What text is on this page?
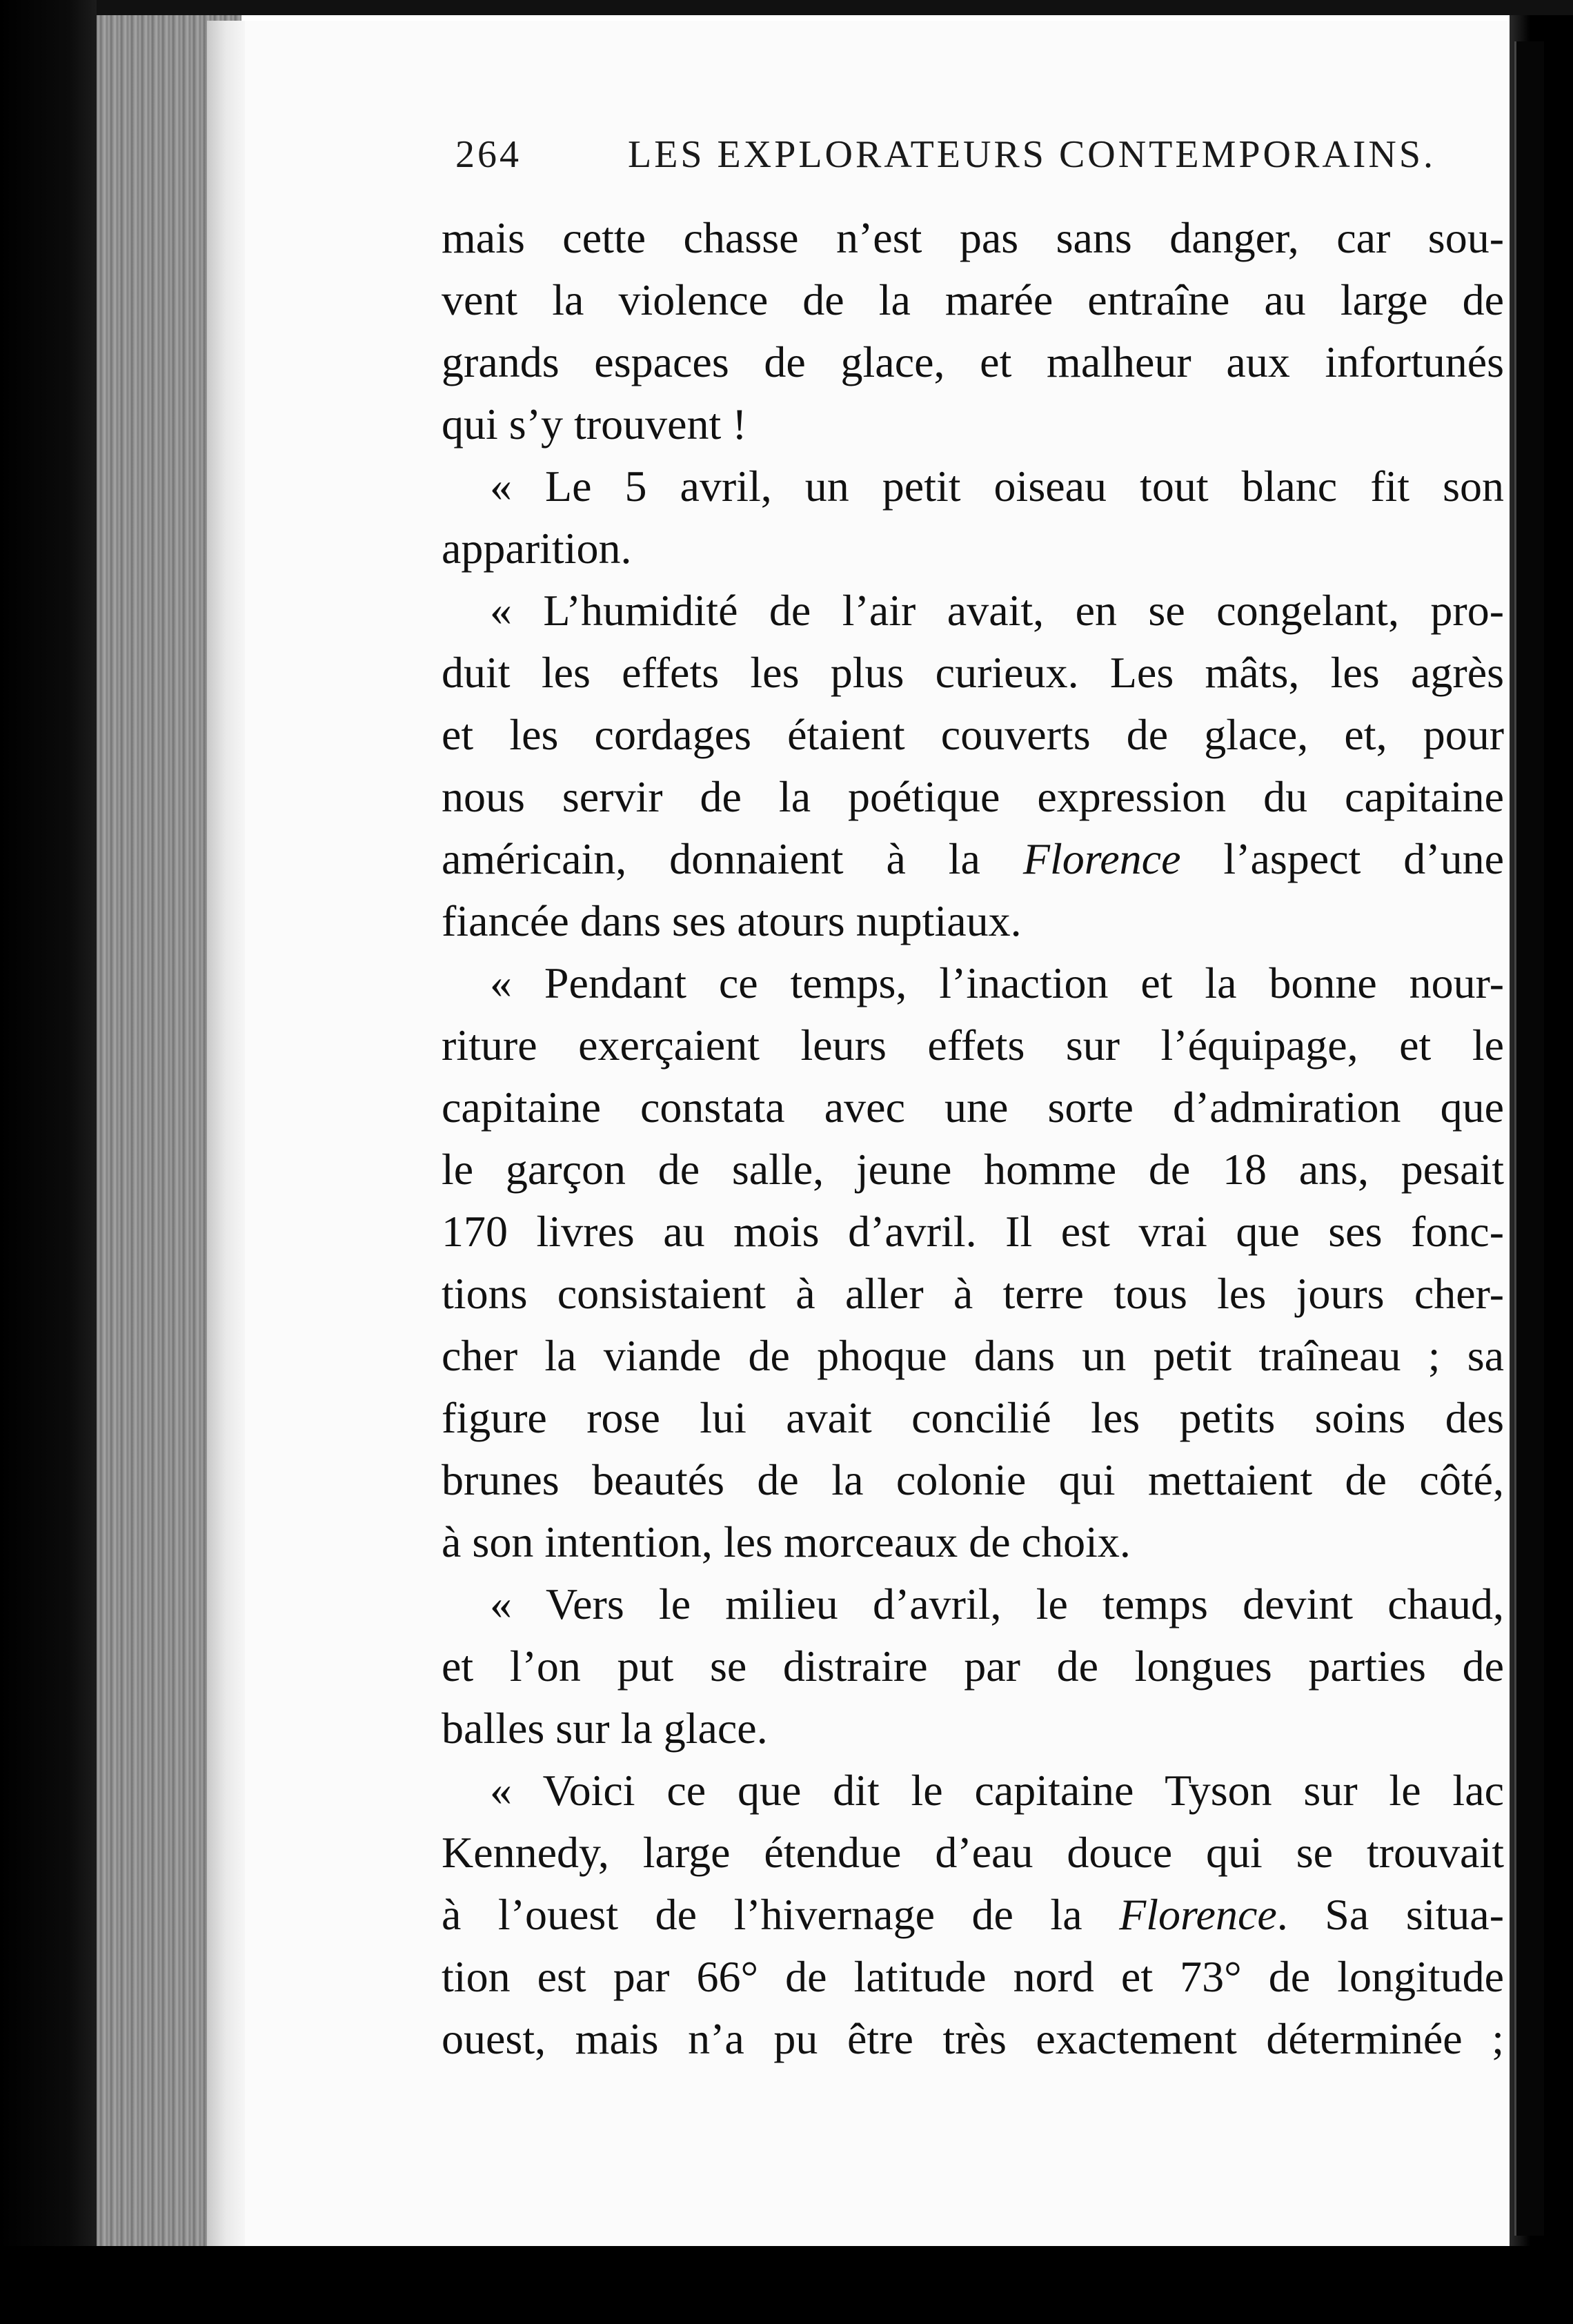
264	LES EXPLORATEURS CONTEMPORAINS.
mais cette chasse n’est pas sans danger, car sou-
vent la violence de la marée entraîne au large de
grands espaces de glace, et malheur aux infortunés
qui s’y trouvent !
« Le 5 avril, un petit oiseau tout blanc fit son
apparition.
« L’humidité de l’air avait, en se congelant, pro-
duit les effets les plus curieux. Les mâts, les agrès
et les cordages étaient couverts de glace, et, pour
nous servir de la poétique expression du capitaine
américain, donnaient à la Florence l’aspect d’une
fiancée dans ses atours nuptiaux.
« Pendant ce temps, l’inaction et la bonne nour-
riture exerçaient leurs effets sur l’équipage, et le
capitaine constata avec une sorte d’admiration que
le garçon de salle, jeune homme de 18 ans, pesait
170 livres au mois d’avril. Il est vrai que ses fonc-
tions consistaient à aller à terre tous les jours cher-
cher la viande de phoque dans un petit traîneau ; sa
figure rose lui avait concilié les petits soins des
brunes beautés de la colonie qui mettaient de côté,
à son intention, les morceaux de choix.
« Vers le milieu d’avril, le temps devint chaud,
et l’on put se distraire par de longues parties de
balles sur la glace.
« Voici ce que dit le capitaine Tyson sur le lac
Kennedy, large étendue d’eau douce qui se trouvait
à l’ouest de l’hivernage de la Florence. Sa situa-
tion est par 66° de latitude nord et 73° de longitude
ouest, mais n’a pu être très exactement déterminée ;
